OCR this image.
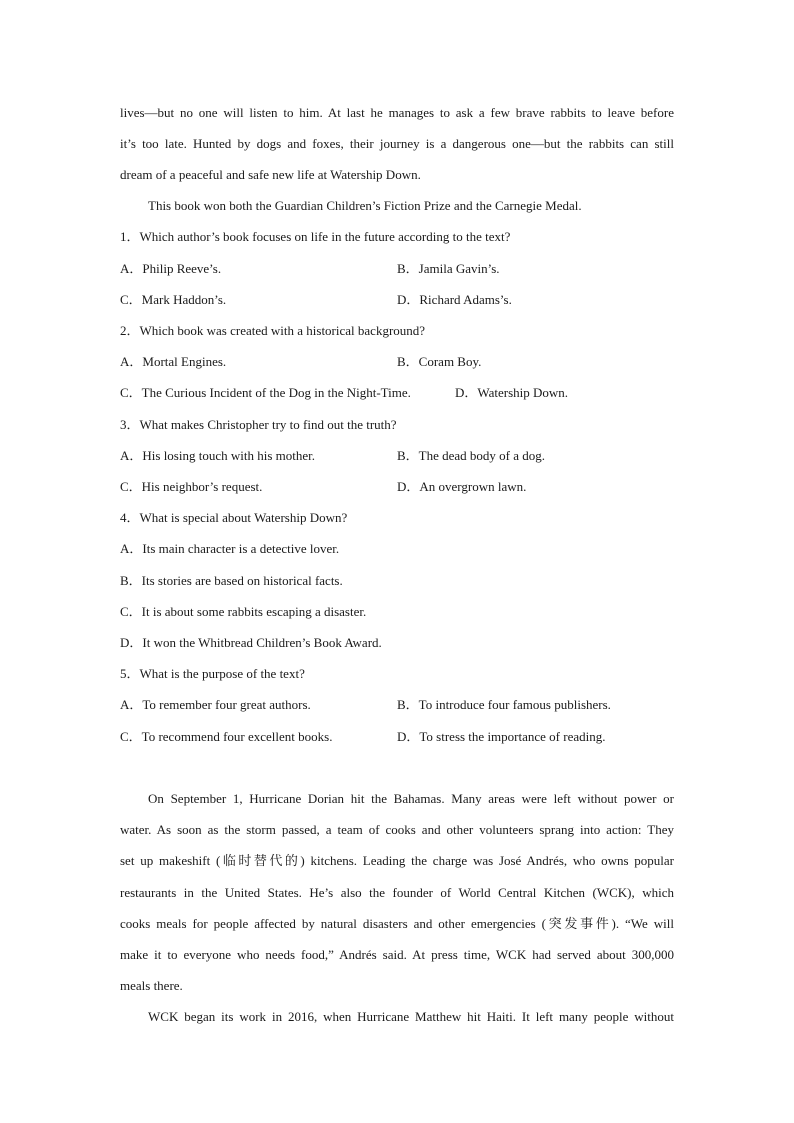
lives—but no one will listen to him. At last he manages to ask a few brave rabbits to leave before
it’s too late. Hunted by dogs and foxes, their journey is a dangerous one—but the rabbits can still
dream of a peaceful and safe new life at Watership Down.
This book won both the Guardian Children’s Fiction Prize and the Carnegie Medal.
1．Which author’s book focuses on life in the future according to the text?
A．Philip Reeve’s.	B．Jamila Gavin’s.
C．Mark Haddon’s.	D．Richard Adams’s.
2．Which book was created with a historical background?
A．Mortal Engines.	B．Coram Boy.
C．The Curious Incident of the Dog in the Night-Time.	D．Watership Down.
3．What makes Christopher try to find out the truth?
A．His losing touch with his mother.	B．The dead body of a dog.
C．His neighbor’s request.	D．An overgrown lawn.
4．What is special about Watership Down?
A．Its main character is a detective lover.
B．Its stories are based on historical facts.
C．It is about some rabbits escaping a disaster.
D．It won the Whitbread Children’s Book Award.
5．What is the purpose of the text?
A．To remember four great authors.	B．To introduce four famous publishers.
C．To recommend four excellent books.	D．To stress the importance of reading.
On September 1, Hurricane Dorian hit the Bahamas. Many areas were left without power or
water. As soon as the storm passed, a team of cooks and other volunteers sprang into action: They
set up makeshift (临时替代的) kitchens. Leading the charge was José Andrés, who owns popular
restaurants in the United States. He’s also the founder of World Central Kitchen (WCK), which
cooks meals for people affected by natural disasters and other emergencies (突发事件). “We will
make it to everyone who needs food,” Andrés said. At press time, WCK had served about 300,000
meals there.
WCK began its work in 2016, when Hurricane Matthew hit Haiti. It left many people without
